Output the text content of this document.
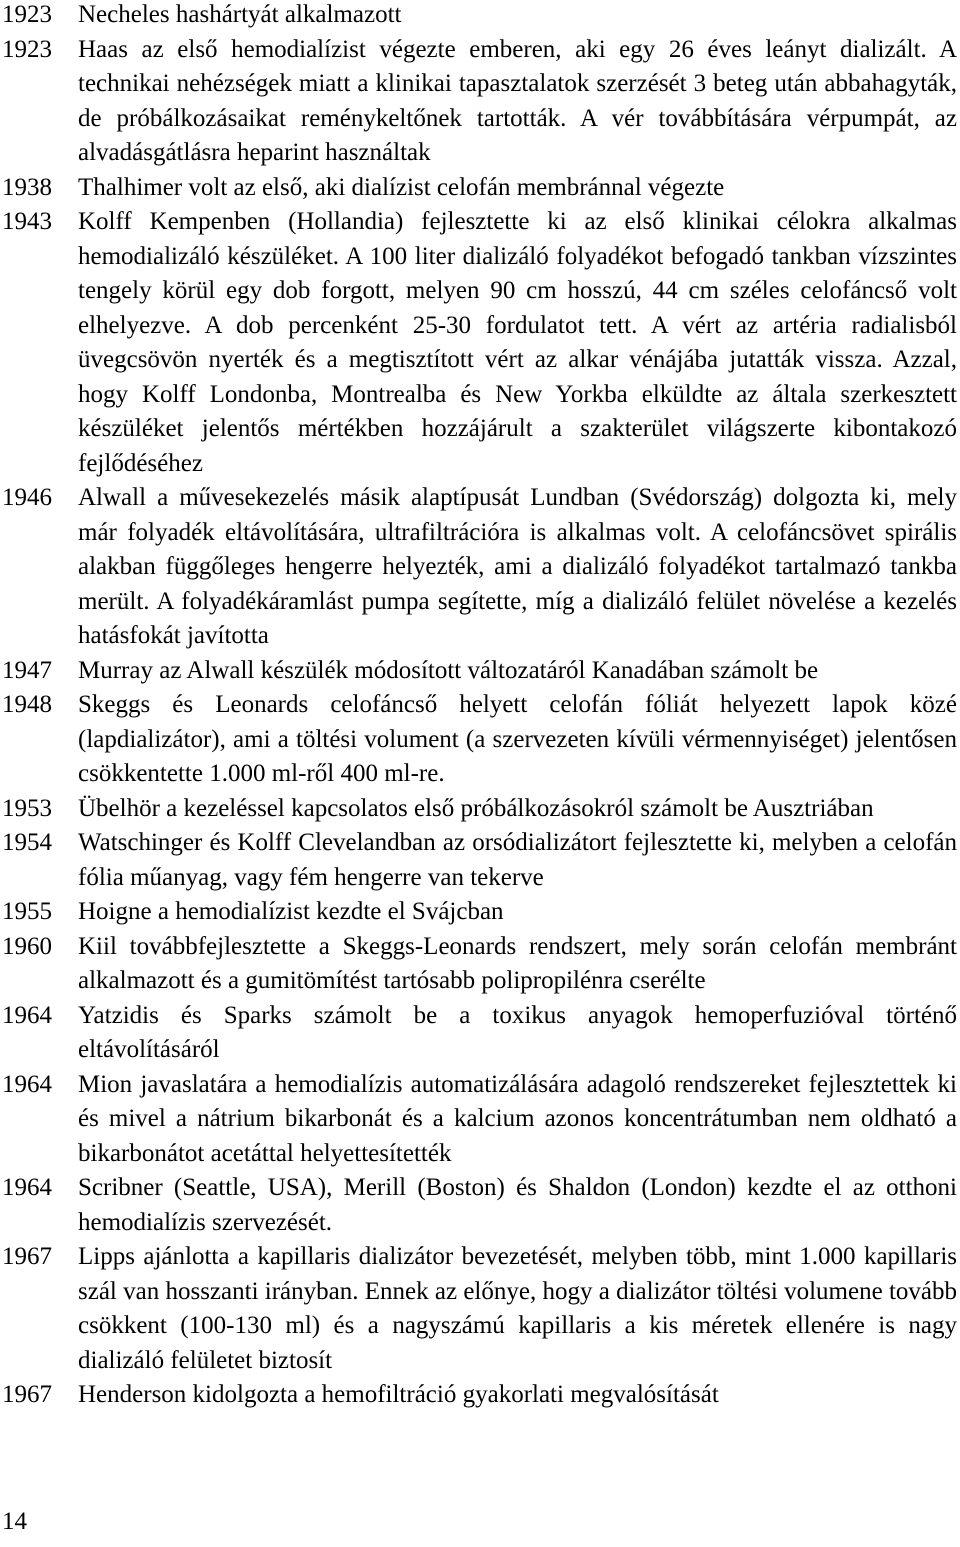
1923	Necheles hashártyát alkalmazott
1923	Haas az első hemodialízist végezte emberen, aki egy 26 éves leányt dializált. A technikai nehézségek miatt a klinikai tapasztalatok szerzését 3 beteg után abbahagyták, de próbálkozásaikat reménykeltőnek tartották. A vér továbbítására vérpumpát, az alvadásgátlásra heparint használtak
1938	Thalhimer volt az első, aki dialízist celofán membránnal végezte
1943	Kolff Kempenben (Hollandia) fejlesztette ki az első klinikai célokra alkalmas hemodializáló készüléket. A 100 liter dializáló folyadékot befogadó tankban vízszintes tengely körül egy dob forgott, melyen 90 cm hosszú, 44 cm széles celofáncső volt elhelyezve. A dob percenként 25-30 fordulatot tett. A vért az artéria radialisból üvegcsövön nyerték és a megtisztított vért az alkar vénájába jutatták vissza. Azzal, hogy Kolff Londonba, Montrealba és New Yorkba elküldte az általa szerkesztett készüléket jelentős mértékben hozzájárult a szakterület világszerte kibontakozó fejlődéséhez
1946	Alwall a művesekezelés másik alaptípusát Lundban (Svédország) dolgozta ki, mely már folyadék eltávolítására, ultrafiltrációra is alkalmas volt. A celofáncsövet spirális alakban függőleges hengerre helyezték, ami a dializáló folyadékot tartalmazó tankba merült. A folyadékáramlást pumpa segítette, míg a dializáló felület növelése a kezelés hatásfokát javította
1947	Murray az Alwall készülék módosított változatáról Kanadában számolt be
1948	Skeggs és Leonards celofáncső helyett celofán fóliát helyezett lapok közé (lapdializátor), ami a töltési volument (a szervezeten kívüli vérmennyiséget) jelentősen csökkentette 1.000 ml-ről 400 ml-re.
1953	Übelhör a kezeléssel kapcsolatos első próbálkozásokról számolt be Ausztriában
1954	Watschinger és Kolff Clevelandban az orsódializátort fejlesztette ki, melyben a celofán fólia műanyag, vagy fém hengerre van tekerve
1955	Hoigne a hemodialízist kezdte el Svájcban
1960	Kiil továbbfejlesztette a Skeggs-Leonards rendszert, mely során celofán membránt alkalmazott és a gumitömítést tartósabb polipropilénra cserélte
1964	Yatzidis és Sparks számolt be a toxikus anyagok hemoperfuzióval történő eltávolításáról
1964	Mion javaslatára a hemodialízis automatizálására adagoló rendszereket fejlesztettek ki és mivel a nátrium bikarbonát és a kalcium azonos koncentrátumban nem oldható a bikarbonátot acetáttal helyettesítették
1964	Scribner (Seattle, USA), Merill (Boston) és Shaldon (London) kezdte el az otthoni hemodialízis szervezését.
1967	Lipps ajánlotta a kapillaris dializátor bevezetését, melyben több, mint 1.000 kapillaris szál van hosszanti irányban. Ennek az előnye, hogy a dializátor töltési volumene tovább csökkent (100-130 ml) és a nagyszámú kapillaris a kis méretek ellenére is nagy dializáló felületet biztosít
1967	Henderson kidolgozta a hemofiltráció gyakorlati megvalósítását
14
